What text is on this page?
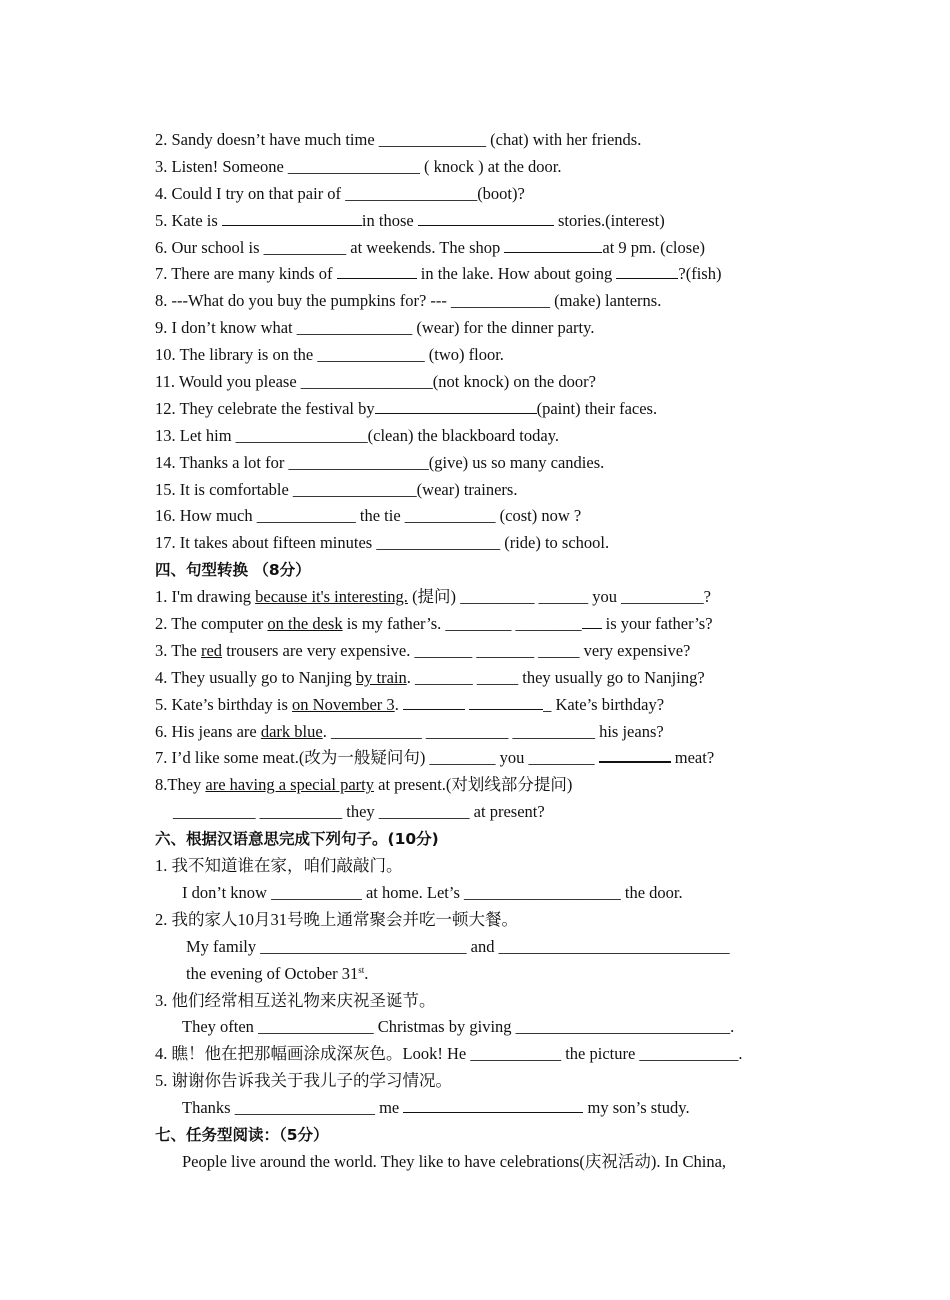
2. Sandy doesn’t have much time _____________ (chat) with her friends.
3. Listen! Someone ________________ ( knock ) at the door.
4. Could I try on that pair of ________________(boot)?
5. Kate is	in those	stories.(interest)
6. Our school is __________ at weekends. The shop	at 9 pm. (close)
7. There are many kinds of	in the lake. How about going	?(fish)
8. ---What do you buy the pumpkins for? --- ____________ (make) lanterns.
9. I don’t know what ______________ (wear) for the dinner party.
10. The library is on the _____________ (two) floor.
11. Would you please ________________(not knock) on the door?
12. They celebrate the festival by	(paint) their faces.
13. Let him ________________(clean) the blackboard today.
14. Thanks a lot for _________________(give) us so many candies.
15. It is comfortable _______________(wear) trainers.
16. How much ____________ the tie ___________ (cost) now ?
17. It takes about fifteen minutes _______________ (ride) to school.
四、句型转换 （8分）
1. I'm drawing because it's interesting. (提问) _________ ______ you __________?
2. The computer on the desk is my father’s. ________ ________ is your father’s?
3. The red trousers are very expensive. _______ _______ _____ very expensive?
4. They usually go to Nanjing by train. _______ _____ they usually go to Nanjing?
5. Kate’s birthday is on November 3.	_ Kate’s birthday?
6. His jeans are dark blue. ___________ __________ __________ his jeans?
7. I’d like some meat.(改为一般疑问句) ________ you ________	meat?
8.They are having a special party at present.(对划线部分提问)
__________ __________ they ___________ at present?
六、根据汉语意思完成下列句子。(10分)
1. 我不知道谁在家，咱们敲敲门。
I don’t know ___________ at home. Let’s ___________________ the door.
2. 我的家人10月31号晚上通常聚会并吃一顿大餐。
My family _________________________ and ____________________________
the evening of October 31st.
3. 他们经常相互送礼物来庆祝圣诞节。
They often ______________ Christmas by giving __________________________.
4. 瞧！他在把那幅画涂成深灰色。Look! He ___________ the picture ____________.
5. 谢谢你告诉我关于我儿子的学习情况。
Thanks _________________ me	my son’s study.
七、任务型阅读：（5分）
People live around the world. They like to have celebrations(庆祝活动). In China,
